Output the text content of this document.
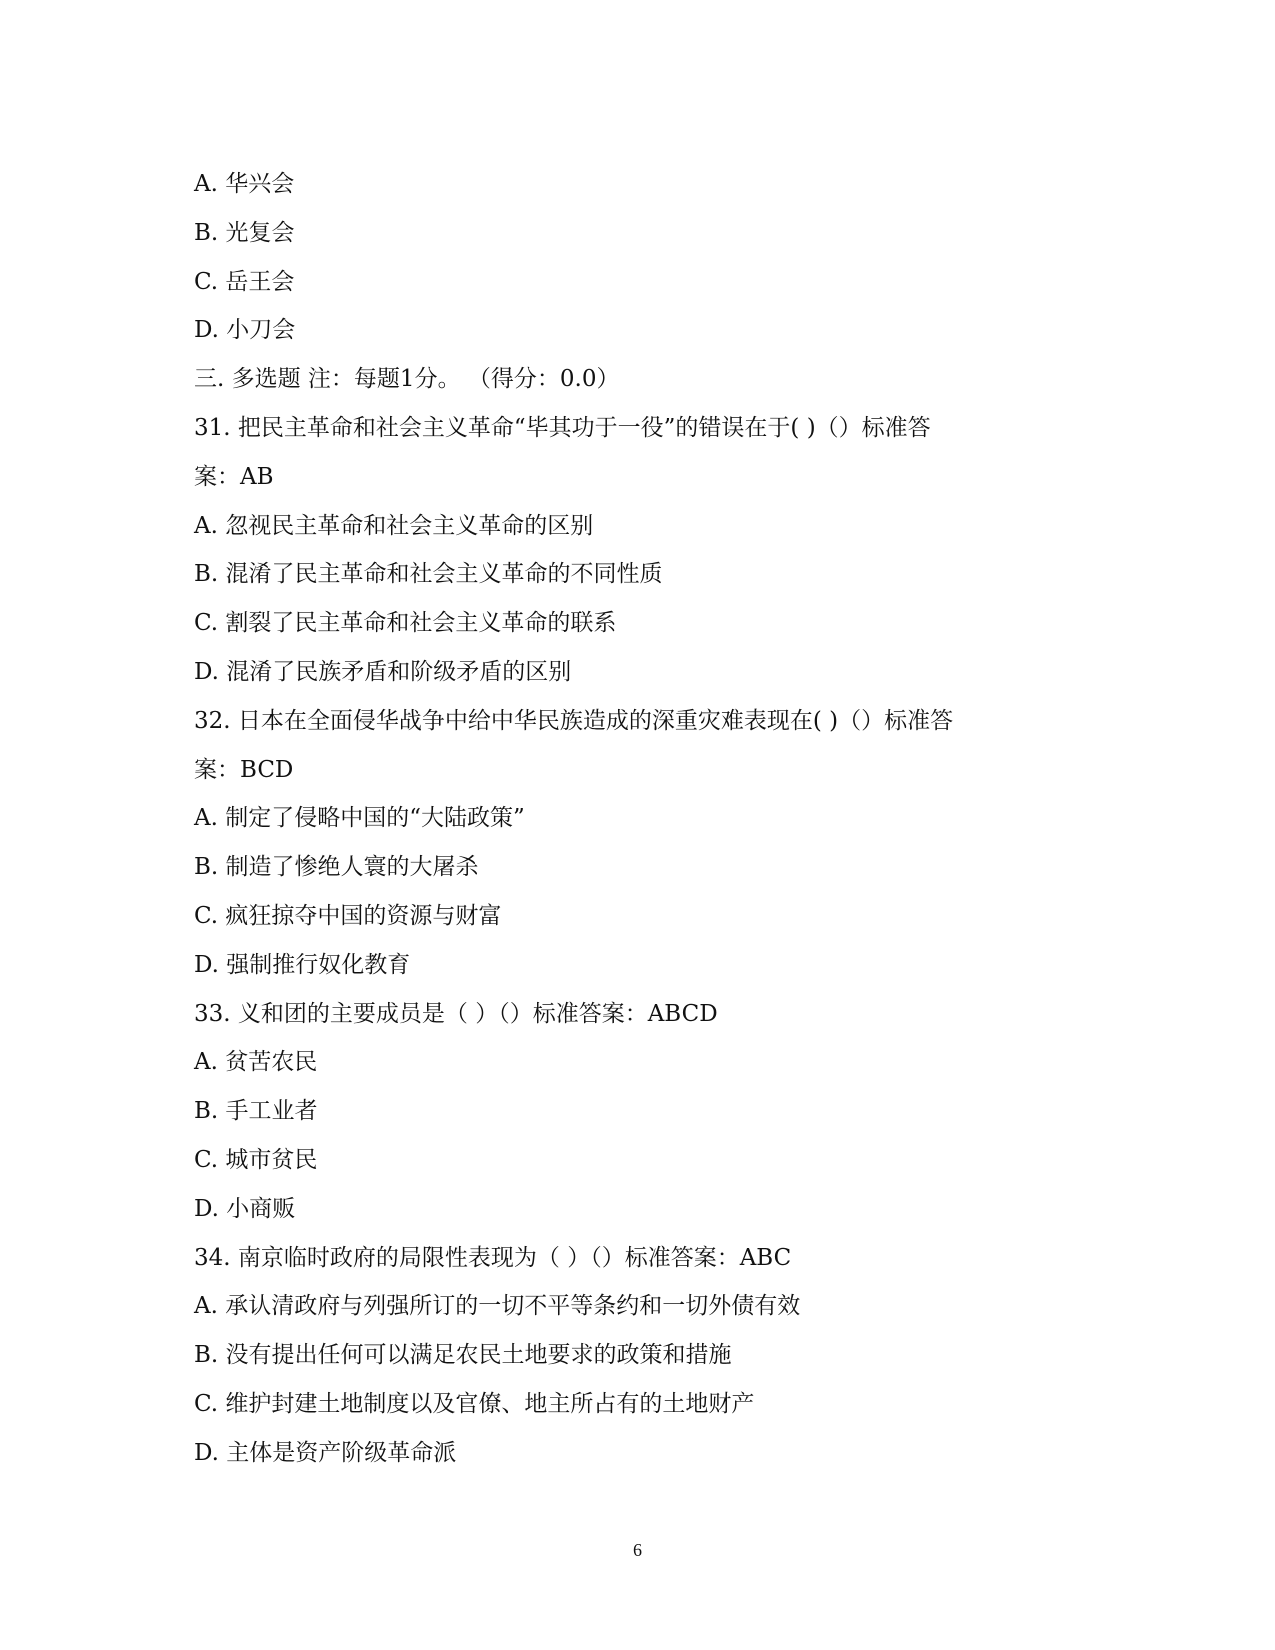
A. 华兴会
B. 光复会
C. 岳王会
D. 小刀会
三. 多选题 注：每题1分。 （得分：0.0）
31. 把民主革命和社会主义革命“毕其功于一役”的错误在于( )（）标准答
案：AB
A. 忽视民主革命和社会主义革命的区别
B. 混淆了民主革命和社会主义革命的不同性质
C. 割裂了民主革命和社会主义革命的联系
D. 混淆了民族矛盾和阶级矛盾的区别
32. 日本在全面侵华战争中给中华民族造成的深重灾难表现在( )（）标准答
案：BCD
A. 制定了侵略中国的“大陆政策”
B. 制造了惨绝人寰的大屠杀
C. 疯狂掠夺中国的资源与财富
D. 强制推行奴化教育
33. 义和团的主要成员是（ ）（）标准答案：ABCD
A. 贫苦农民
B. 手工业者
C. 城市贫民
D. 小商贩
34. 南京临时政府的局限性表现为（ ）（）标准答案：ABC
A. 承认清政府与列强所订的一切不平等条约和一切外债有效
B. 没有提出任何可以满足农民土地要求的政策和措施
C. 维护封建土地制度以及官僚、地主所占有的土地财产
D. 主体是资产阶级革命派
6
